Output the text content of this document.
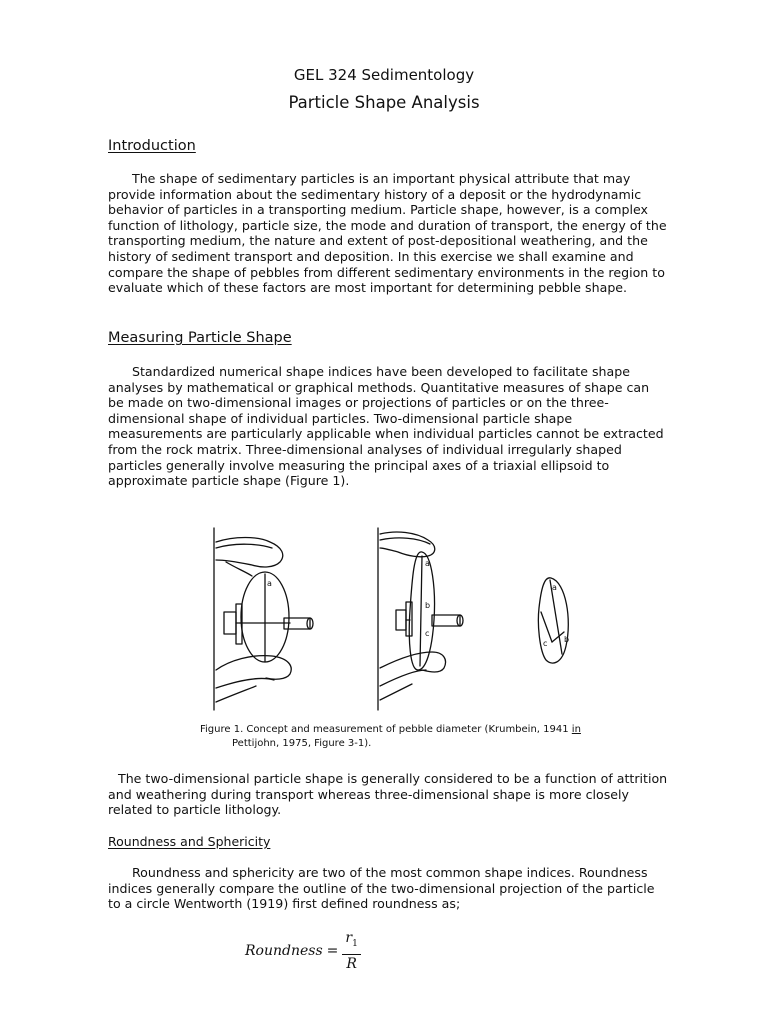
GEL 324 Sedimentology
Particle Shape Analysis
Introduction

The shape of sedimentary particles is an important physical attribute that may provide information about the sedimentary history of a deposit or the hydrodynamic behavior of particles in a transporting medium. Particle shape, however, is a complex function of lithology, particle size, the mode and duration of transport, the energy of the transporting medium, the nature and extent of post-depositional weathering, and the history of sediment transport and deposition. In this exercise we shall examine and compare the shape of pebbles from different sedimentary environments in the region to evaluate which of these factors are most important for determining pebble shape.

Measuring Particle Shape

Standardized numerical shape indices have been developed to facilitate shape analyses by mathematical or graphical methods. Quantitative measures of shape can be made on two-dimensional images or projections of particles or on the three-dimensional shape of individual particles. Two-dimensional particle shape measurements are particularly applicable when individual particles cannot be extracted from the rock matrix. Three-dimensional analyses of individual irregularly shaped particles generally involve measuring the principal axes of a triaxial ellipsoid to approximate particle shape (Figure 1).

a
a
b
c
a
b
c

Figure 1. Concept and measurement of pebble diameter (Krumbein, 1941 in
Pettijohn, 1975, Figure 3-1).

The two-dimensional particle shape is generally considered to be a function of attrition and weathering during transport whereas three-dimensional shape is more closely related to particle lithology.

Roundness and Sphericity

Roundness and sphericity are two of the most common shape indices. Roundness indices generally compare the outline of the two-dimensional projection of the particle to a circle Wentworth (1919) first defined roundness as;

Roundness = $\frac{r_1}{R}$
